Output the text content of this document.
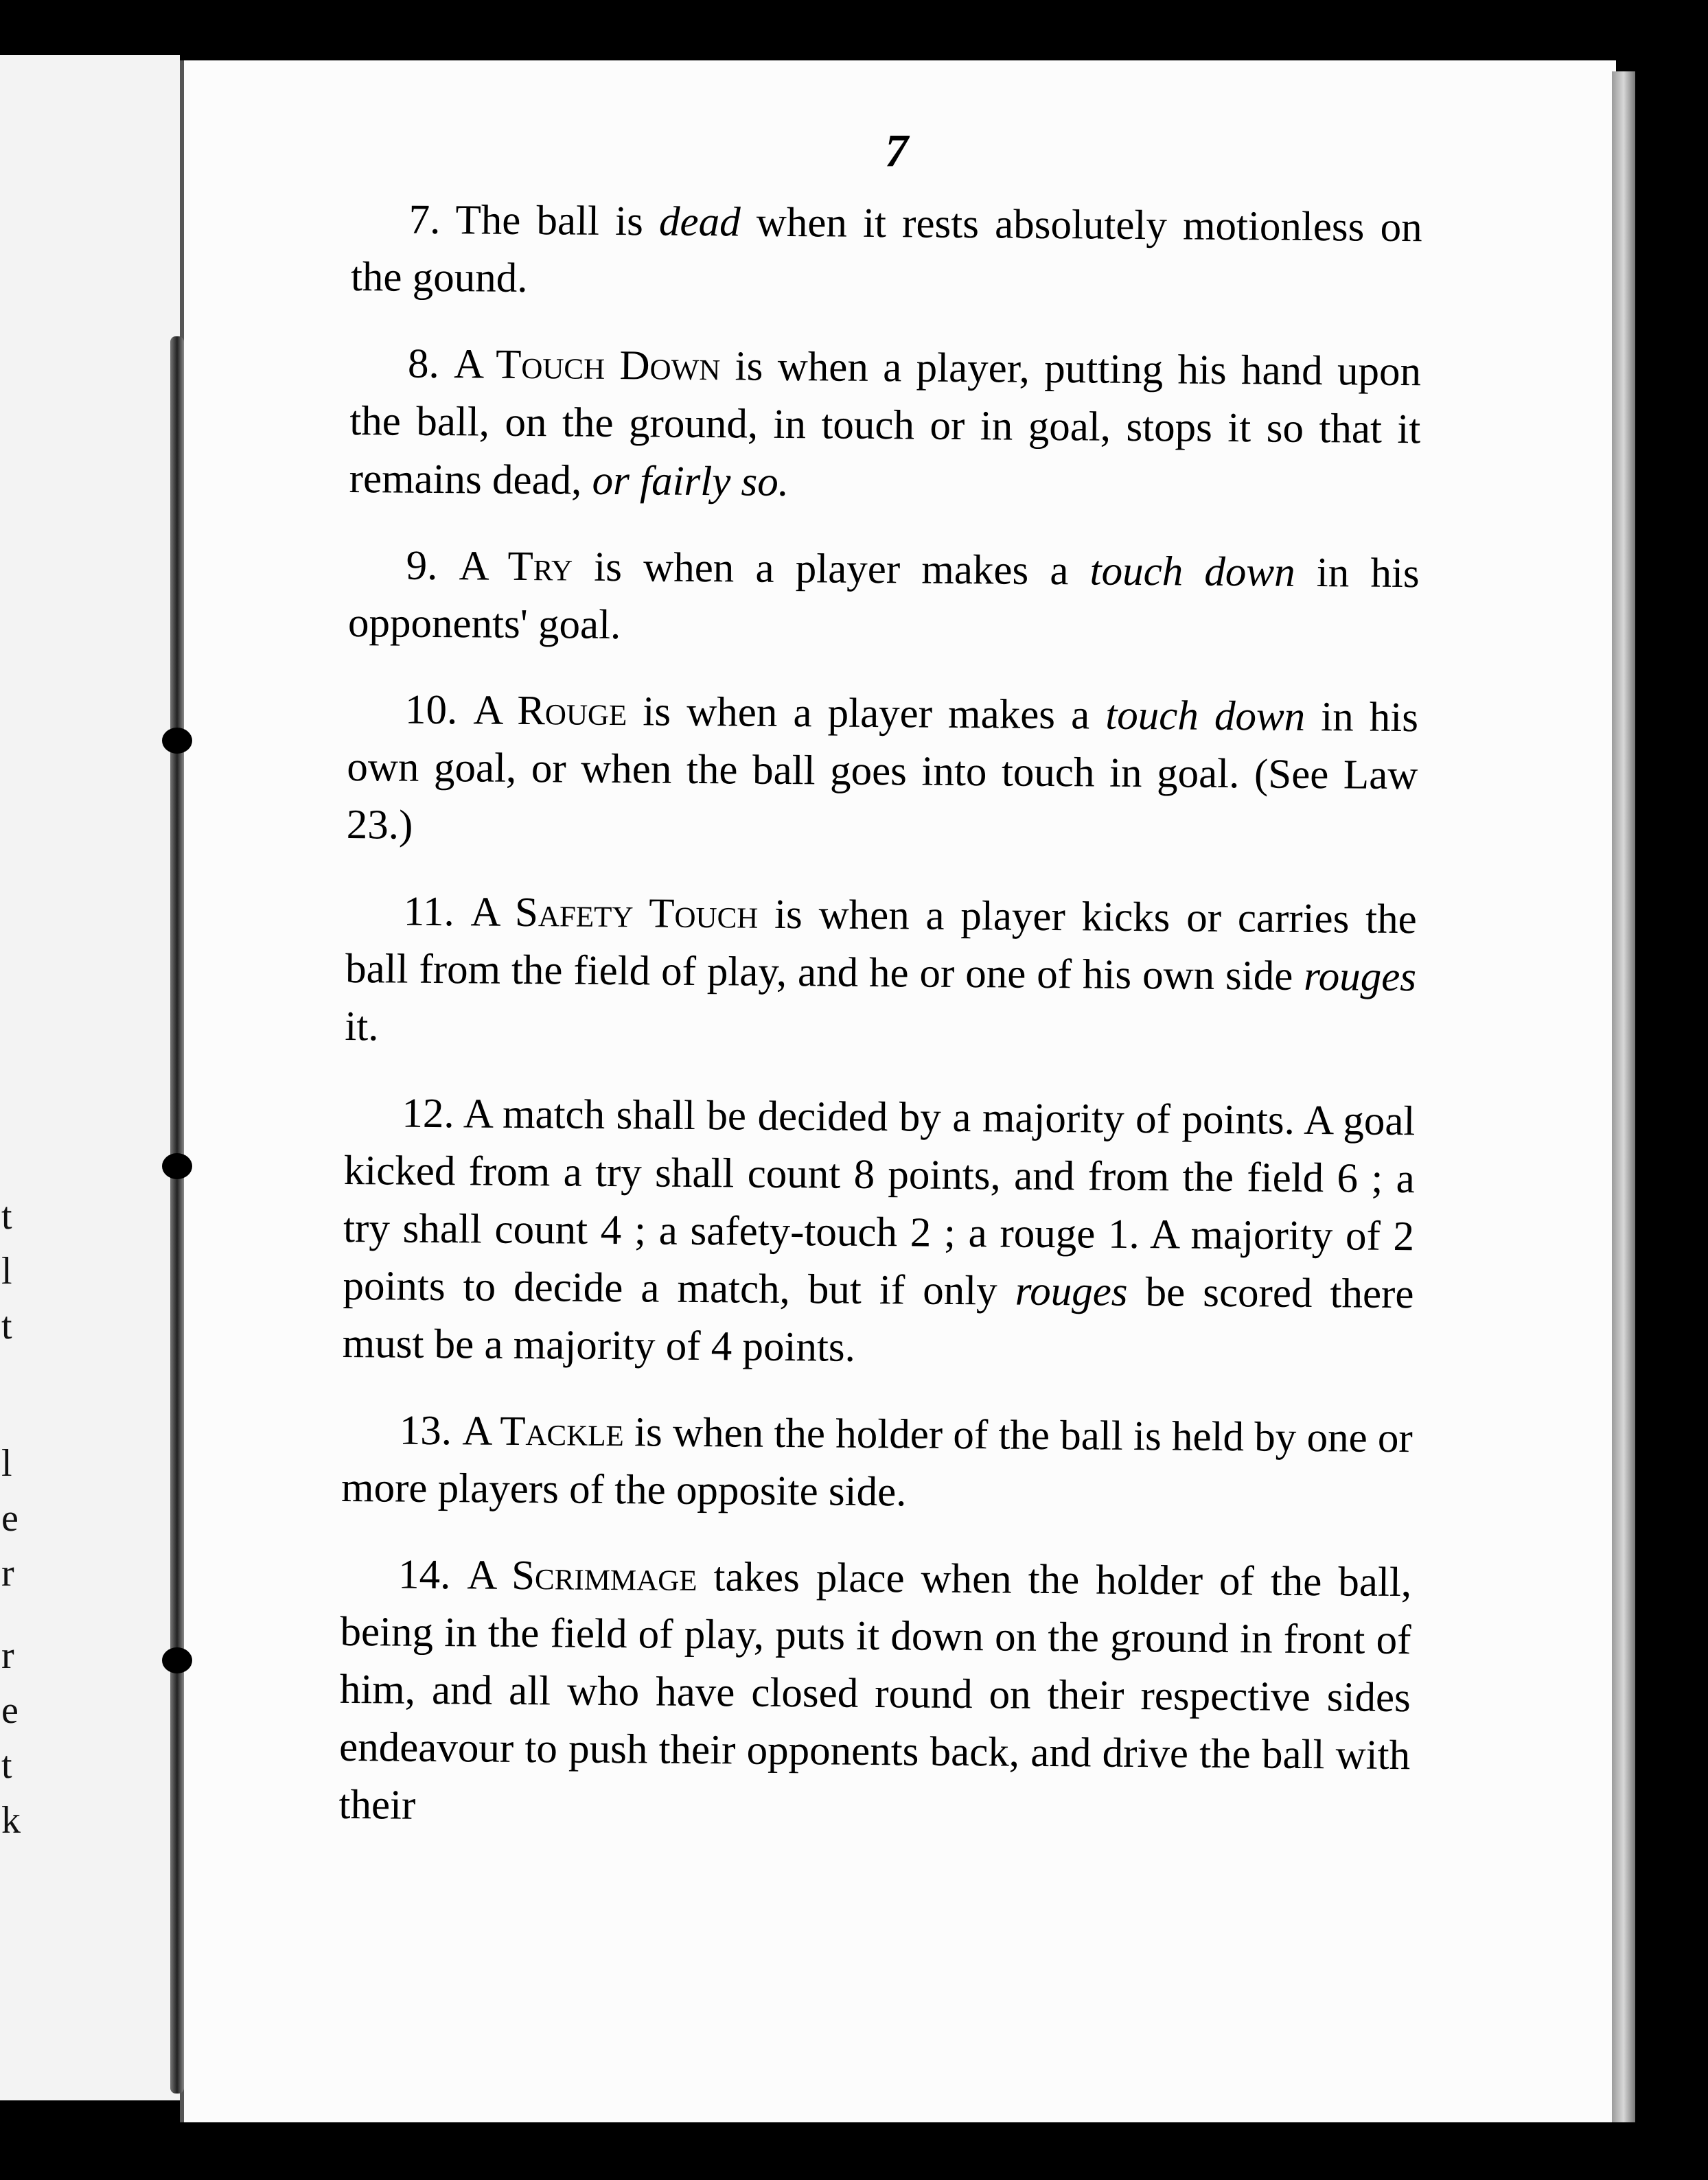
t
l
t
l
e
r
r
e
t
k
7

7. The ball is dead when it rests absolutely motionless on the gound.

8. A Touch Down is when a player, putting his hand upon the ball, on the ground, in touch or in goal, stops it so that it remains dead, or fairly so.

9. A Try is when a player makes a touch down in his opponents' goal.

10. A Rouge is when a player makes a touch down in his own goal, or when the ball goes into touch in goal. (See Law 23.)

11. A Safety Touch is when a player kicks or carries the ball from the field of play, and he or one of his own side rouges it.

12. A match shall be decided by a majority of points. A goal kicked from a try shall count 8 points, and from the field 6 ; a try shall count 4 ; a safety-touch 2 ; a rouge 1. A majority of 2 points to decide a match, but if only rouges be scored there must be a majority of 4 points.

13. A Tackle is when the holder of the ball is held by one or more players of the opposite side.

14. A Scrimmage takes place when the holder of the ball, being in the field of play, puts it down on the ground in front of him, and all who have closed round on their respective sides endeavour to push their opponents back, and drive the ball with their
